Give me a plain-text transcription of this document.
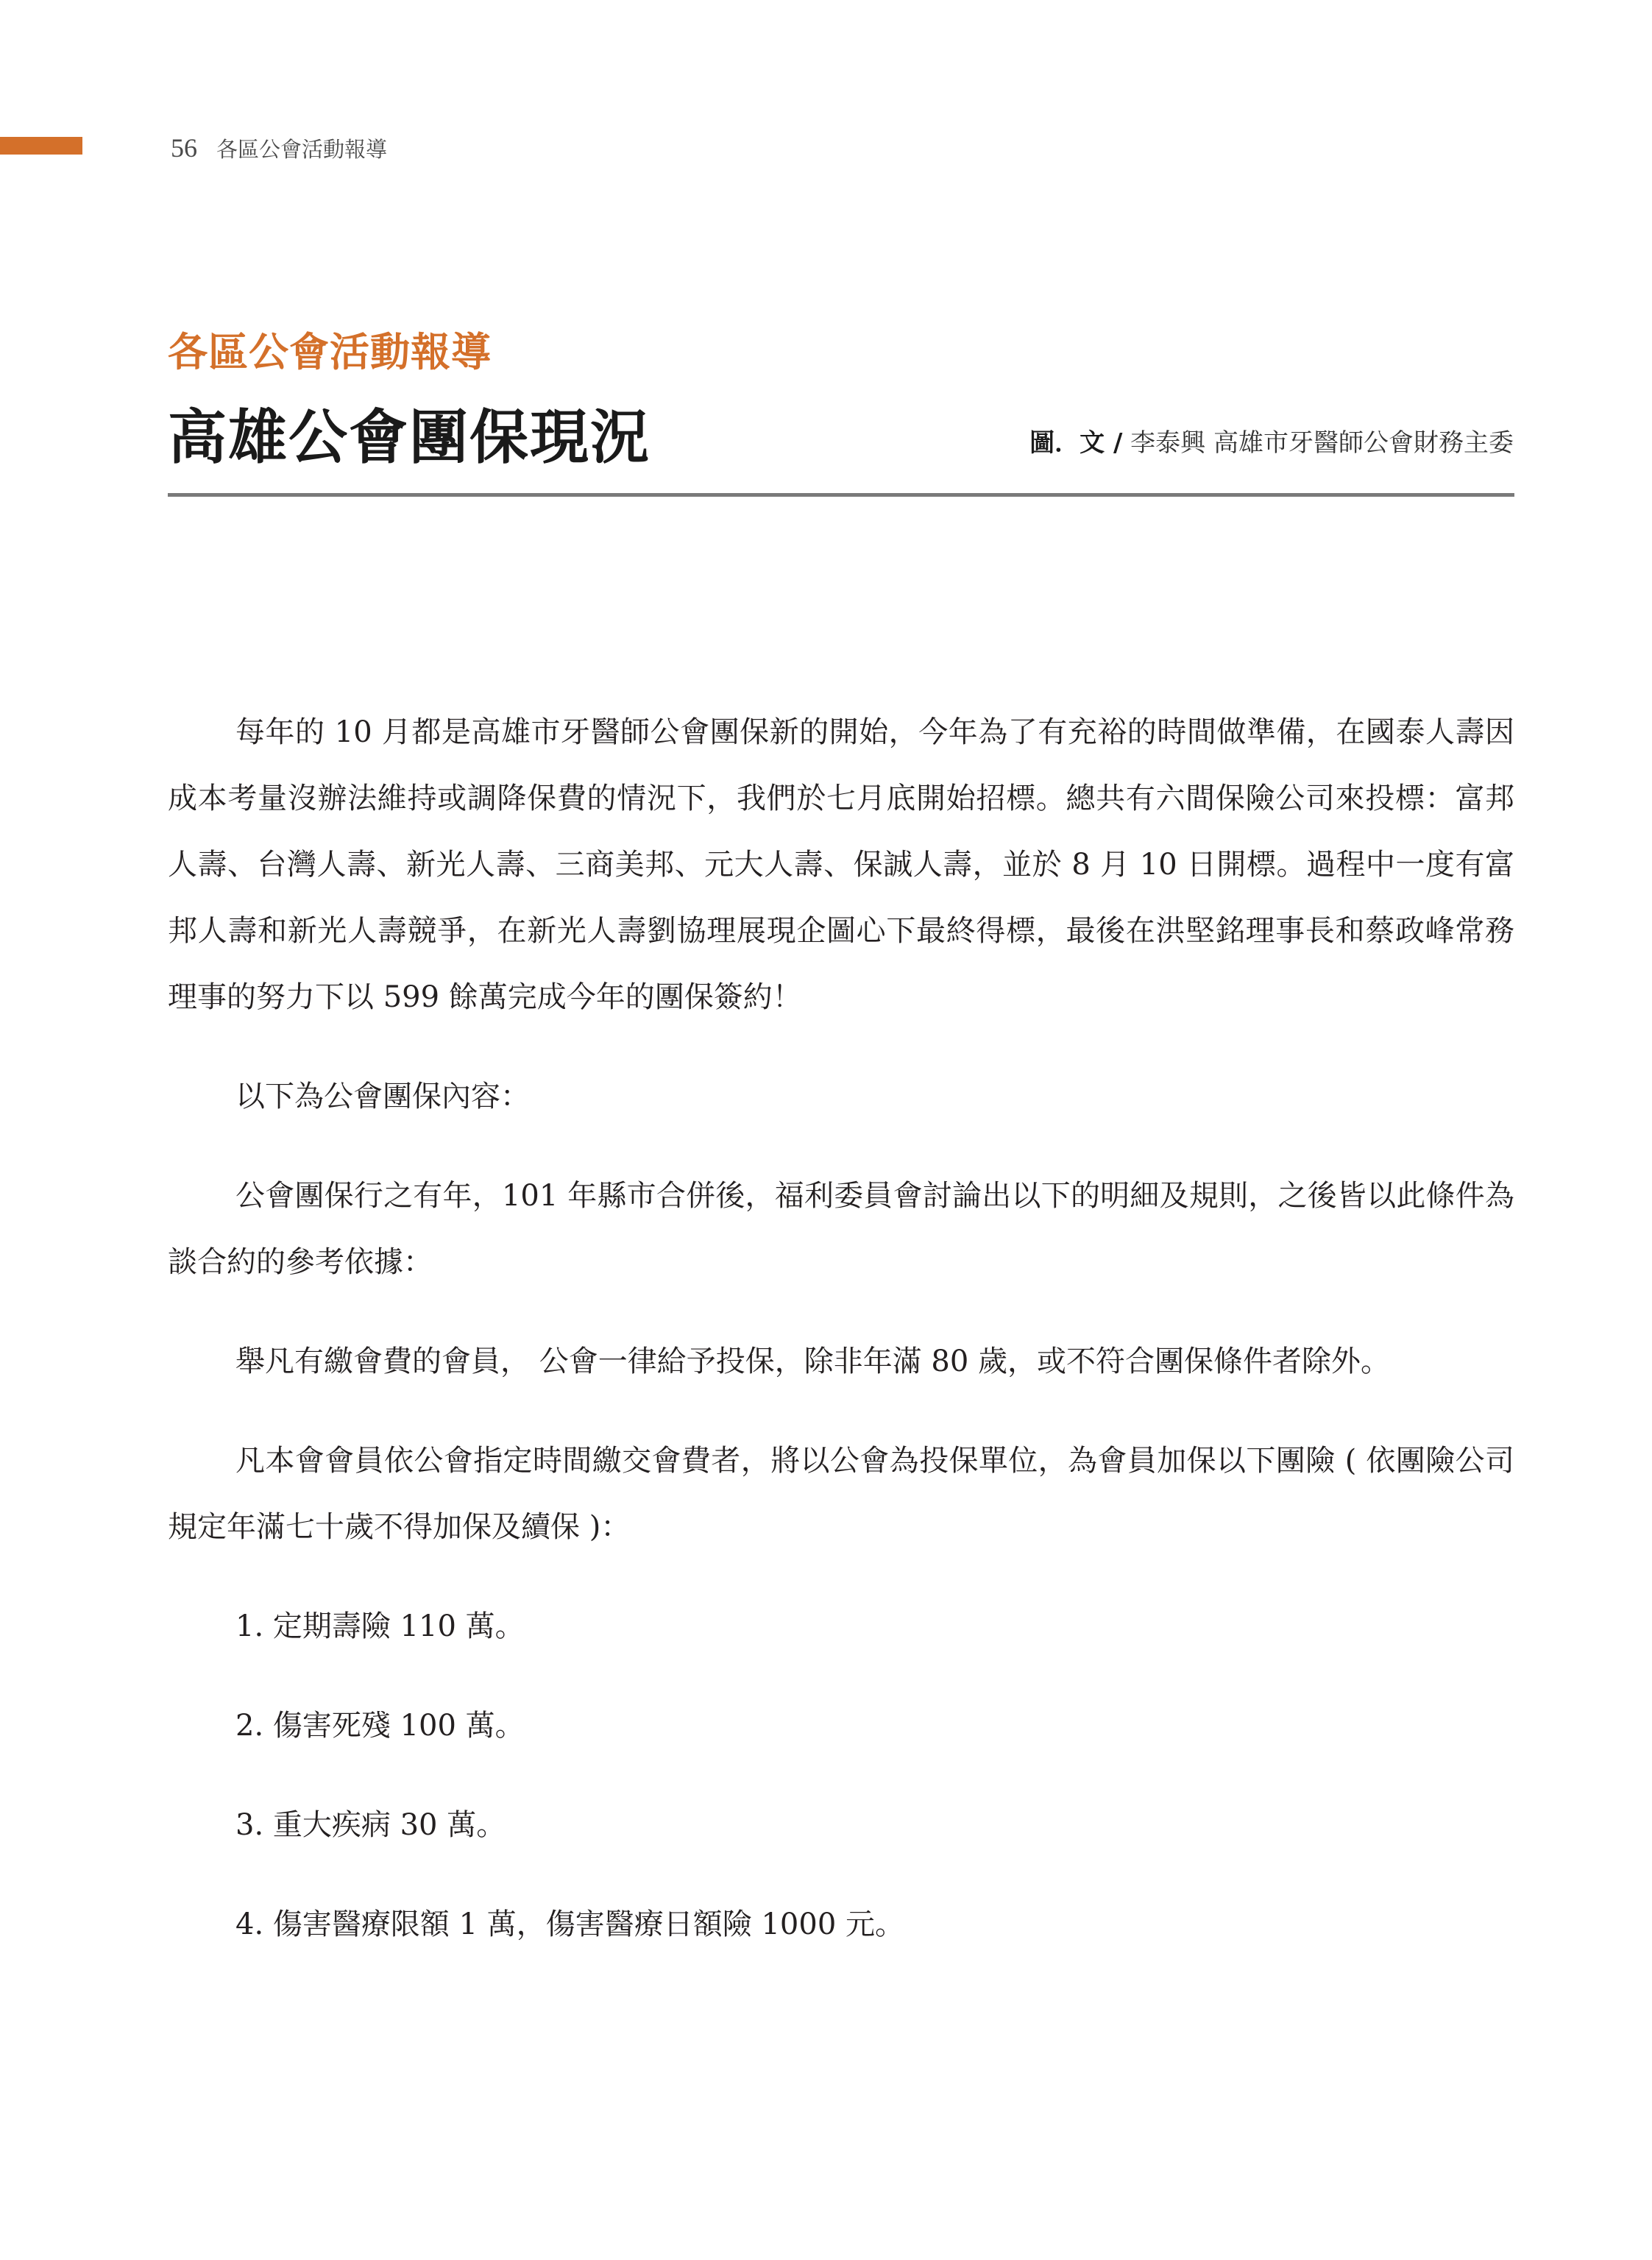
56 各區公會活動報導
各區公會活動報導
高雄公會團保現況	圖．文 / 李泰興 高雄市牙醫師公會財務主委

每年的 10 月都是高雄市牙醫師公會團保新的開始，今年為了有充裕的時間做準備，在國泰人壽因成本考量沒辦法維持或調降保費的情況下，我們於七月底開始招標。總共有六間保險公司來投標：富邦人壽、台灣人壽、新光人壽、三商美邦、元大人壽、保誠人壽，並於 8 月 10 日開標。過程中一度有富邦人壽和新光人壽競爭，在新光人壽劉協理展現企圖心下最終得標，最後在洪堅銘理事長和蔡政峰常務理事的努力下以 599 餘萬完成今年的團保簽約！

以下為公會團保內容：

公會團保行之有年，101 年縣市合併後，福利委員會討論出以下的明細及規則，之後皆以此條件為談合約的參考依據：

舉凡有繳會費的會員， 公會一律給予投保，除非年滿 80 歲，或不符合團保條件者除外。

凡本會會員依公會指定時間繳交會費者，將以公會為投保單位，為會員加保以下團險 ( 依團險公司規定年滿七十歲不得加保及續保 )：

1. 定期壽險 110 萬。

2. 傷害死殘 100 萬。

3. 重大疾病 30 萬。

4. 傷害醫療限額 1 萬，傷害醫療日額險 1000 元。
